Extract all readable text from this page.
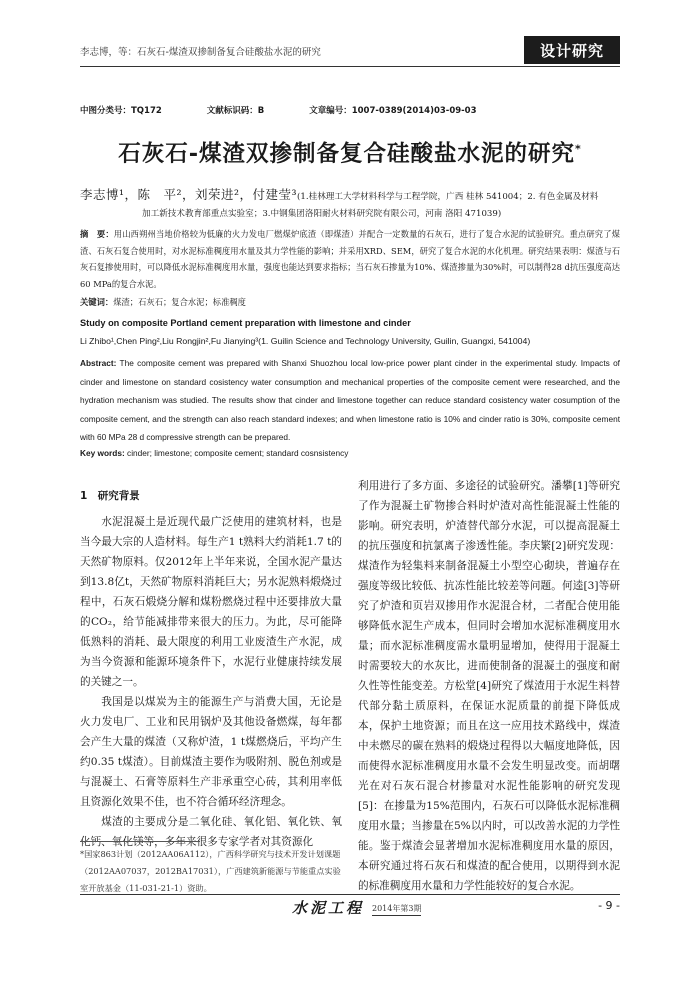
李志博，等：石灰石-煤渣双掺制备复合硅酸盐水泥的研究	设计研究
中图分类号：TQ172	文献标识码：B	文章编号：1007-0389(2014)03-09-03
石灰石-煤渣双掺制备复合硅酸盐水泥的研究*
李志博¹，陈　平²，刘荣进²，付建莹³(1.桂林理工大学材料科学与工程学院，广西 桂林 541004；2. 有色金属及材料
加工新技术教育部重点实验室；3.中钢集团洛阳耐火材料研究院有限公司，河南 洛阳 471039)

摘　要：用山西朔州当地价格较为低廉的火力发电厂燃煤炉底渣（即煤渣）并配合一定数量的石灰石，进行了复合水泥的试验研究。重点研究了煤渣、石灰石复合使用时，对水泥标准稠度用水量及其力学性能的影响；并采用XRD、SEM，研究了复合水泥的水化机理。研究结果表明：煤渣与石灰石复掺使用时，可以降低水泥标准稠度用水量，强度也能达到要求指标；当石灰石掺量为10%、煤渣掺量为30%时，可以制得28 d抗压强度高达60 MPa的复合水泥。

关键词：煤渣；石灰石；复合水泥；标准稠度

Study on composite Portland cement preparation with limestone and cinder

Li Zhibo¹,Chen Ping²,Liu Rongjin²,Fu Jianying³(1. Guilin Science and Technology University, Guilin, Guangxi, 541004)

Abstract: The composite cement was prepared with Shanxi Shuozhou local low-price power plant cinder in the experimental study. Impacts of cinder and limestone on standard cosistency water consumption and mechanical properties of the composite cement were researched, and the hydration mechanism was studied. The results show that cinder and limestone together can reduce standard cosistency water cosumption of the composite cement, and the strength can also reach standard indexes; and when limestone ratio is 10% and cinder ratio is 30%, composite cement with 60 MPa 28 d compressive strength can be prepared.

Key words: cinder; limestone; composite cement; standard cosnsistency

1　研究背景

水泥混凝土是近现代最广泛使用的建筑材料，也是当今最大宗的人造材料。每生产1 t熟料大约消耗1.7 t的天然矿物原料。仅2012年上半年来说，全国水泥产量达到13.8亿t，天然矿物原料消耗巨大；另水泥熟料煅烧过程中，石灰石煅烧分解和煤粉燃烧过程中还要排放大量的CO₂，给节能减排带来很大的压力。为此，尽可能降低熟料的消耗、最大限度的利用工业废渣生产水泥，成为当今资源和能源环境条件下，水泥行业健康持续发展的关键之一。

我国是以煤炭为主的能源生产与消费大国，无论是火力发电厂、工业和民用锅炉及其他设备燃煤，每年都会产生大量的煤渣（又称炉渣，1 t煤燃烧后，平均产生约0.35 t煤渣）。目前煤渣主要作为吸附剂、脱色剂或是与混凝土、石膏等原料生产非承重空心砖，其利用率低且资源化效果不佳，也不符合循环经济理念。

煤渣的主要成分是二氧化硅、氧化铝、氧化铁、氧化钙、氧化镁等，多年来很多专家学者对其资源化

利用进行了多方面、多途径的试验研究。潘攀[1]等研究了作为混凝土矿物掺合料时炉渣对高性能混凝土性能的影响。研究表明，炉渣替代部分水泥，可以提高混凝土的抗压强度和抗氯离子渗透性能。李庆繁[2]研究发现：煤渣作为轻集料来制备混凝土小型空心砌块，普遍存在强度等级比较低、抗冻性能比较差等问题。何逵[3]等研究了炉渣和页岩双掺用作水泥混合材，二者配合使用能够降低水泥生产成本，但同时会增加水泥标准稠度用水量；而水泥标准稠度需水量明显增加，使得用于混凝土时需要较大的水灰比，进而使制备的混凝土的强度和耐久性等性能变差。方松堂[4]研究了煤渣用于水泥生料替代部分黏土质原料，在保证水泥质量的前提下降低成本，保护土地资源；而且在这一应用技术路线中，煤渣中未燃尽的碳在熟料的煅烧过程得以大幅度地降低，因而使得水泥标准稠度用水量不会发生明显改变。而胡曙光在对石灰石混合材掺量对水泥性能影响的研究发现[5]：在掺量为15%范围内，石灰石可以降低水泥标准稠度用水量；当掺量在5%以内时，可以改善水泥的力学性能。鉴于煤渣会显著增加水泥标准稠度用水量的原因，本研究通过将石灰石和煤渣的配合使用，以期得到水泥的标准稠度用水量和力学性能较好的复合水泥。

*国家863计划（2012AA06A112），广西科学研究与技术开发计划课题（2012AA07037，2012BA17031），广西建筑新能源与节能重点实验室开放基金（11-031-21-1）资助。

水泥工程 2014年第3期	- 9 -
